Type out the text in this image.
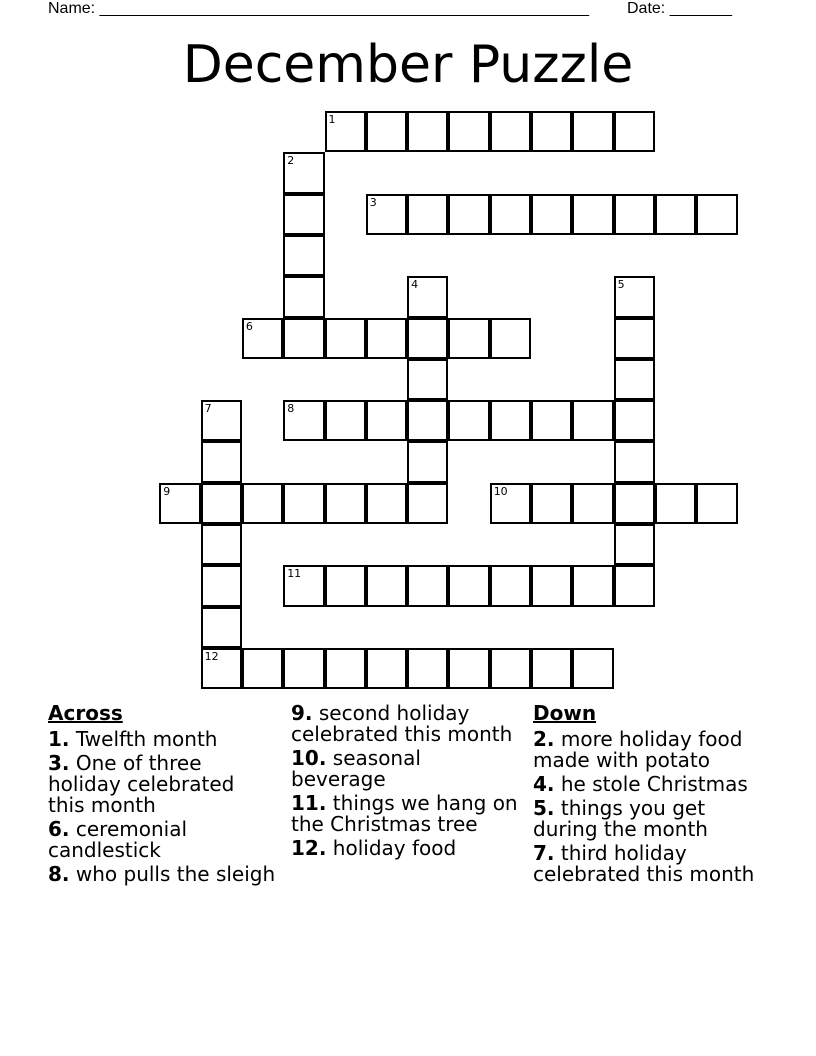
Name: _______________________________________________________ Date: _______
December Puzzle
1
2
3
4	5
6
7
12
8
9	10
11
Across
1. Twelfth month
3. One of three holiday celebrated this month
6. ceremonial candlestick
8. who pulls the sleigh
9. second holiday celebrated this month
10. seasonal beverage
11. things we hang on the Christmas tree
12. holiday food
Down
2. more holiday food made with potato
4. he stole Christmas
5. things you get during the month
7. third holiday celebrated this month
